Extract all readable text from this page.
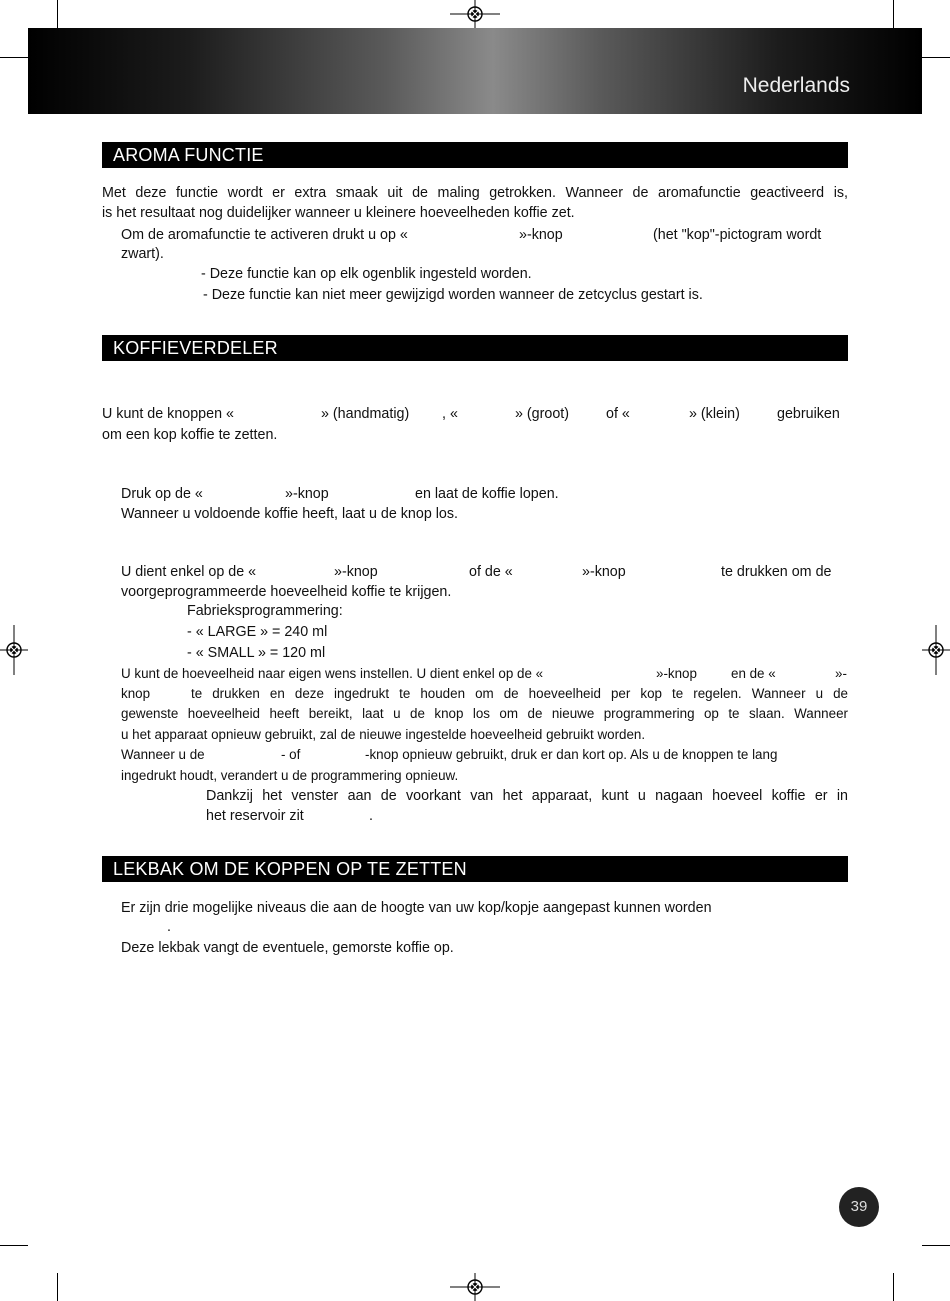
Nederlands
AROMA FUNCTIE
Met deze functie wordt er extra smaak uit de maling getrokken. Wanneer de aromafunctie geactiveerd is,
is het resultaat nog duidelijker wanneer u kleinere hoeveelheden koffie zet.
Om de aromafunctie te activeren drukt u op «	»-knop	(het "kop"-pictogram wordt
zwart).
- Deze functie kan op elk ogenblik ingesteld worden.
- Deze functie kan niet meer gewijzigd worden wanneer de zetcyclus gestart is.
KOFFIEVERDELER
U kunt de knoppen «	» (handmatig) , «	» (groot)	of «	» (klein)	gebruiken
om een kop koffie te zetten.
Druk op de «	»-knop	en laat de koffie lopen.
Wanneer u voldoende koffie heeft, laat u de knop los.
U dient enkel op de «	»-knop	of de «	»-knop	te drukken om de
voorgeprogrammeerde hoeveelheid koffie te krijgen.
Fabrieksprogrammering:
- « LARGE » = 240 ml
- « SMALL » = 120 ml
U kunt de hoeveelheid naar eigen wens instellen. U dient enkel op de «	»-knop	en de «	»-
knop	te drukken en deze ingedrukt te houden om de hoeveelheid per kop te regelen. Wanneer u de
gewenste hoeveelheid heeft bereikt, laat u de knop los om de nieuwe programmering op te slaan. Wanneer
u het apparaat opnieuw gebruikt, zal de nieuwe ingestelde hoeveelheid gebruikt worden.
Wanneer u de	- of	-knop opnieuw gebruikt, druk er dan kort op. Als u de knoppen te lang
ingedrukt houdt, verandert u de programmering opnieuw.
Dankzij het venster aan de voorkant van het apparaat, kunt u nagaan hoeveel koffie er in
het reservoir zit	.
LEKBAK OM DE KOPPEN OP TE ZETTEN
Er zijn drie mogelijke niveaus die aan de hoogte van uw kop/kopje aangepast kunnen worden
.
Deze lekbak vangt de eventuele, gemorste koffie op.
39
